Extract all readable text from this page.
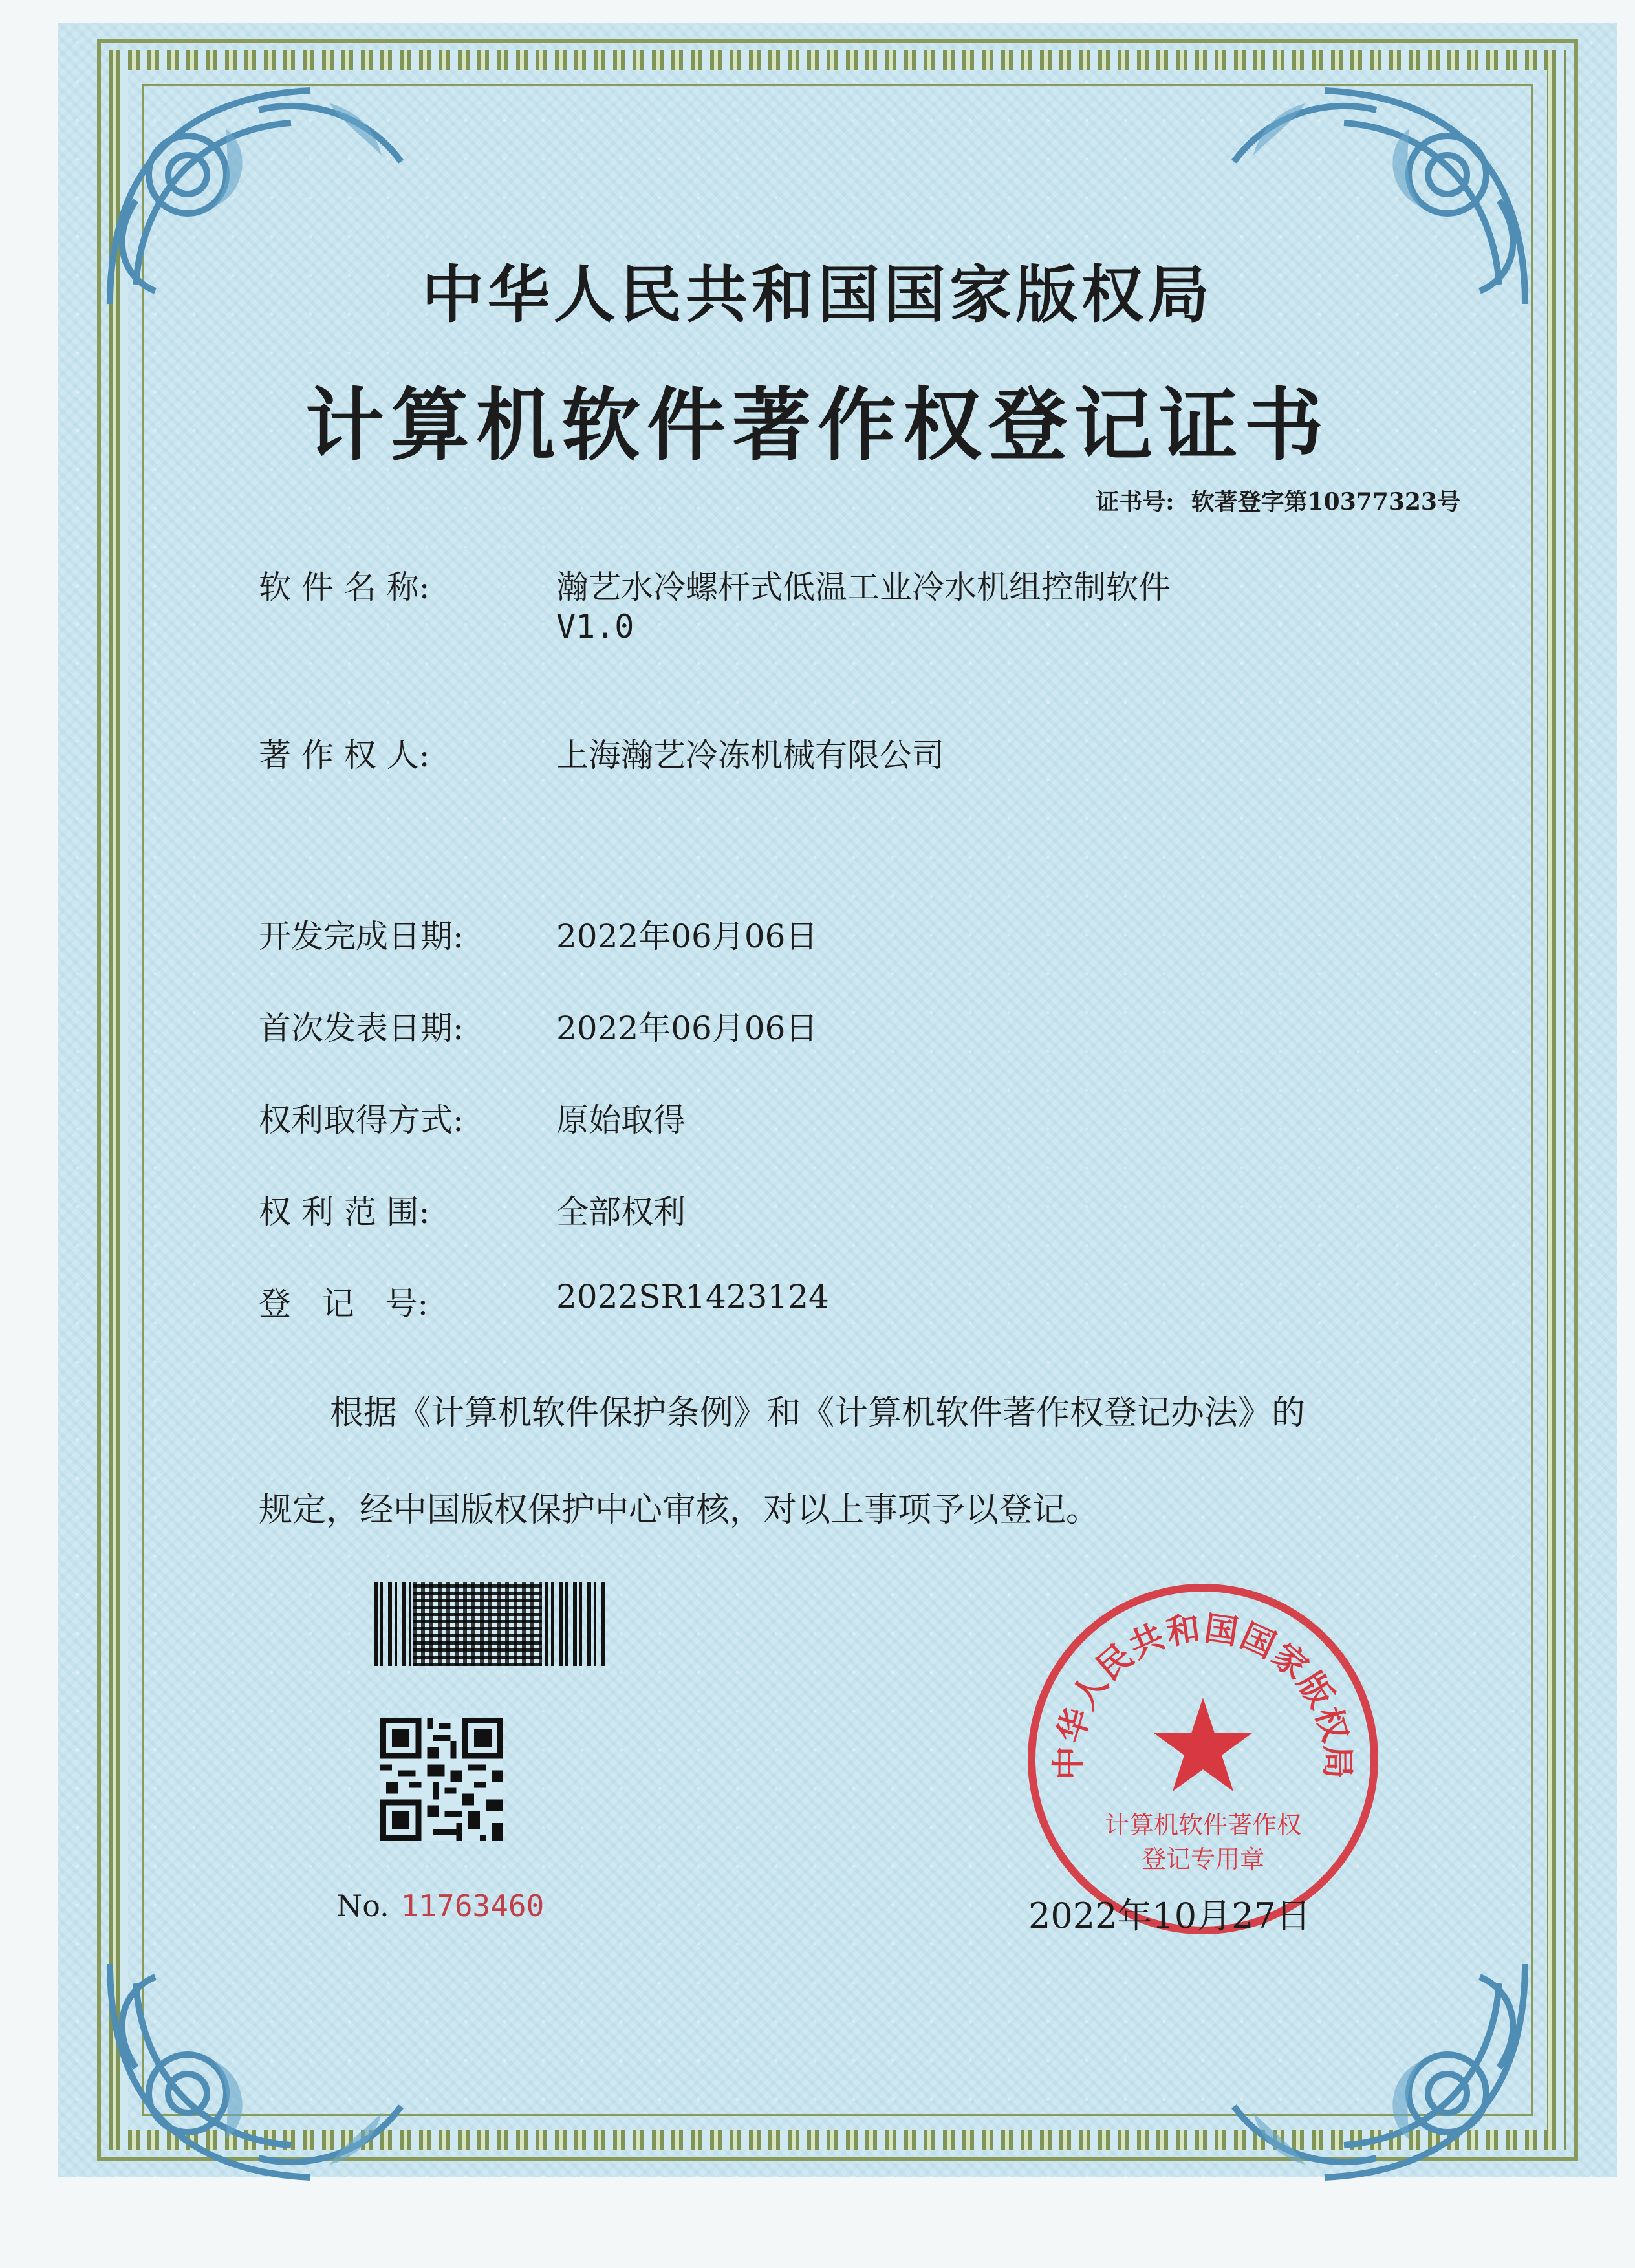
中华人民共和国国家版权局
计算机软件著作权登记证书
证书号: 软著登字第10377323号
软 件 名 称:	瀚艺水冷螺杆式低温工业冷水机组控制软件
V1.0
著 作 权 人:	上海瀚艺冷冻机械有限公司
开发完成日期:	2022年06月06日
首次发表日期:	2022年06月06日
权利取得方式:	原始取得
权 利 范 围:	全部权利
登   记   号:	2022SR1423124
根据《计算机软件保护条例》和《计算机软件著作权登记办法》的
规定，经中国版权保护中心审核，对以上事项予以登记。
No. 11763460
中华人民共和国国家版权局
计算机软件著作权
登记专用章
2022年10月27日
